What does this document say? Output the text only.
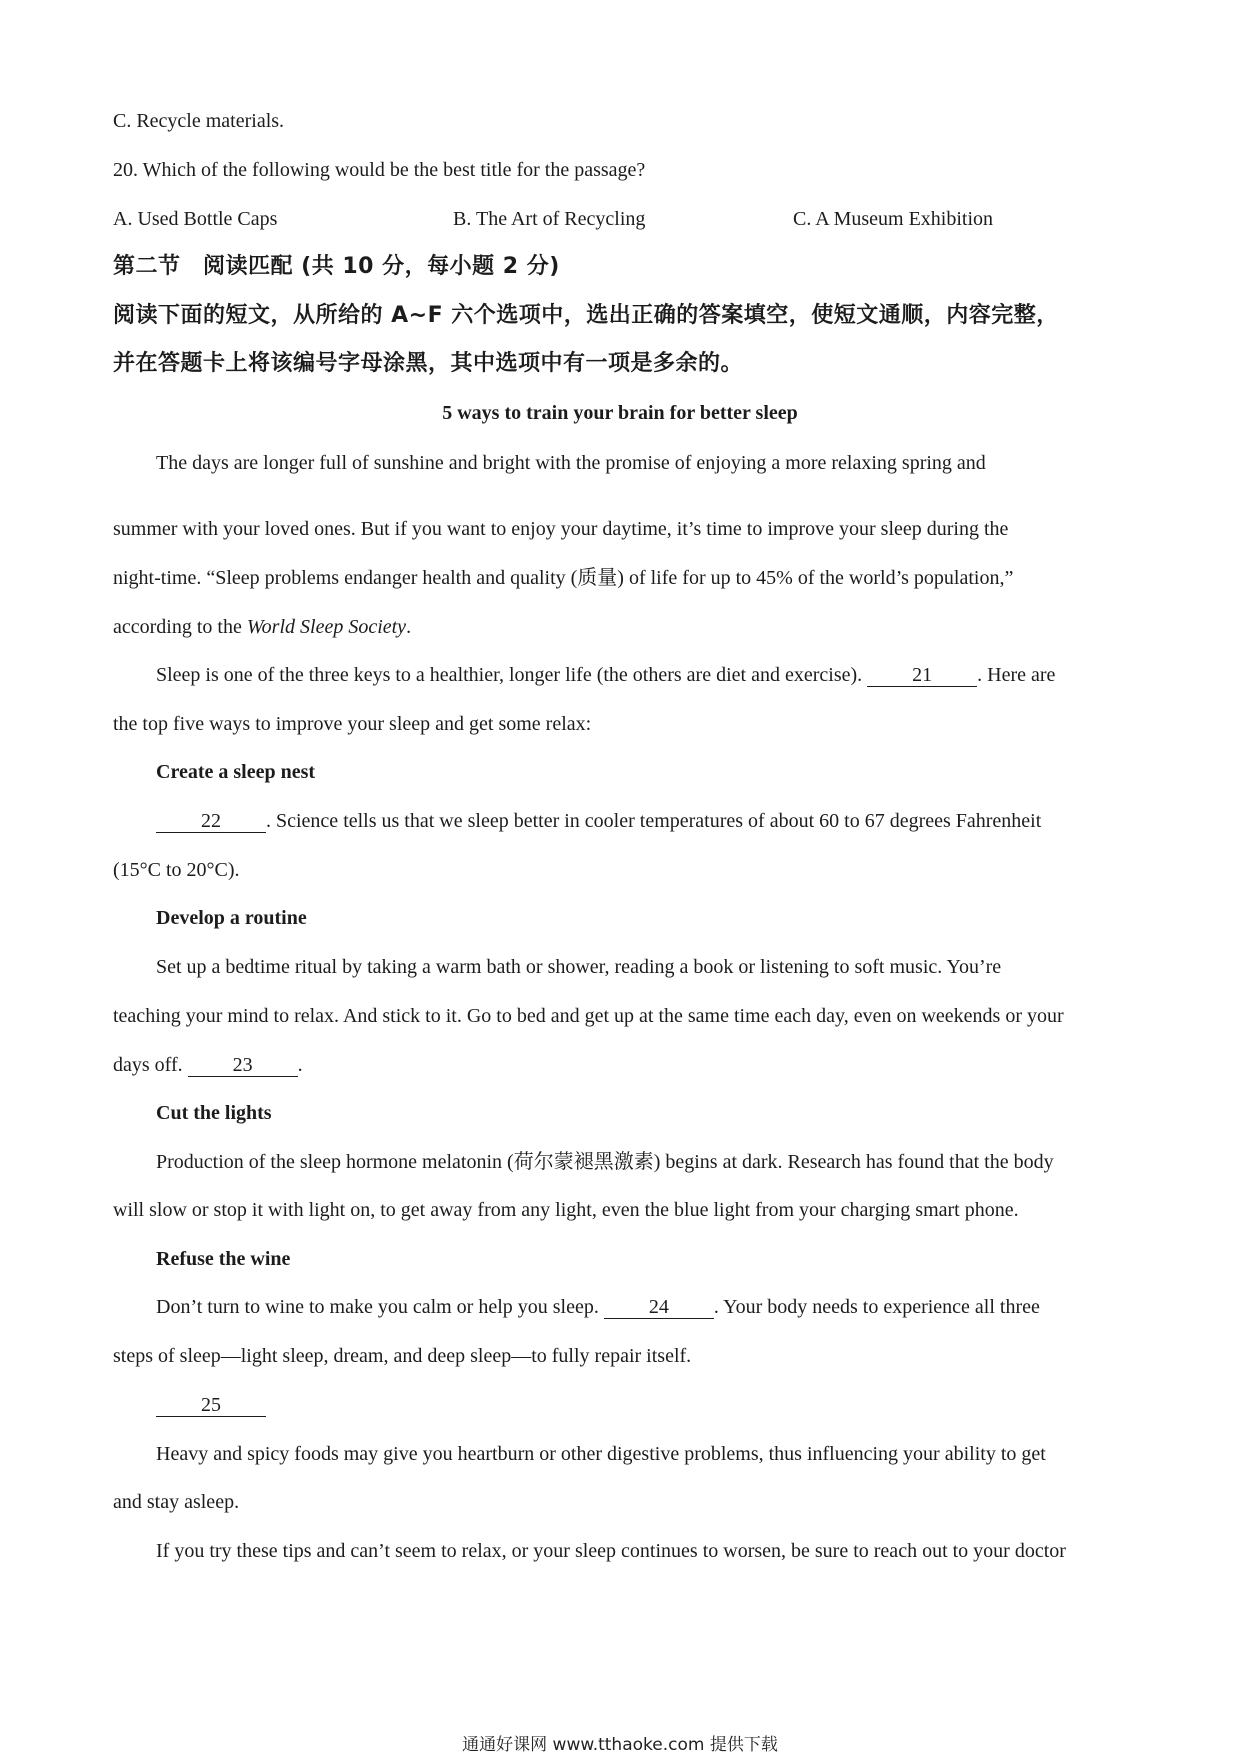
C. Recycle materials.
20. Which of the following would be the best title for the passage?
A. Used Bottle Caps	B. The Art of Recycling	C. A Museum Exhibition
第二节　阅读匹配 (共 10 分，每小题 2 分)
阅读下面的短文，从所给的 A~F 六个选项中，选出正确的答案填空，使短文通顺，内容完整，
并在答题卡上将该编号字母涂黑，其中选项中有一项是多余的。
5 ways to train your brain for better sleep
The days are longer full of sunshine and bright with the promise of enjoying a more relaxing spring and
summer with your loved ones. But if you want to enjoy your daytime, it’s time to improve your sleep during the
night-time. “Sleep problems endanger health and quality (质量) of life for up to 45% of the world’s population,”
according to the World Sleep Society.
Sleep is one of the three keys to a healthier, longer life (the others are diet and exercise). 21 . Here are
the top five ways to improve your sleep and get some relax:
Create a sleep nest
22 . Science tells us that we sleep better in cooler temperatures of about 60 to 67 degrees Fahrenheit
(15°C to 20°C).
Develop a routine
Set up a bedtime ritual by taking a warm bath or shower, reading a book or listening to soft music. You’re
teaching your mind to relax. And stick to it. Go to bed and get up at the same time each day, even on weekends or your
days off. 23 .
Cut the lights
Production of the sleep hormone melatonin (荷尔蒙褪黑激素) begins at dark. Research has found that the body
will slow or stop it with light on, to get away from any light, even the blue light from your charging smart phone.
Refuse the wine
Don’t turn to wine to make you calm or help you sleep. 24 . Your body needs to experience all three
steps of sleep—light sleep, dream, and deep sleep—to fully repair itself.
25
Heavy and spicy foods may give you heartburn or other digestive problems, thus influencing your ability to get
and stay asleep.
If you try these tips and can’t seem to relax, or your sleep continues to worsen, be sure to reach out to your doctor
通通好课网 www.tthaoke.com 提供下载
